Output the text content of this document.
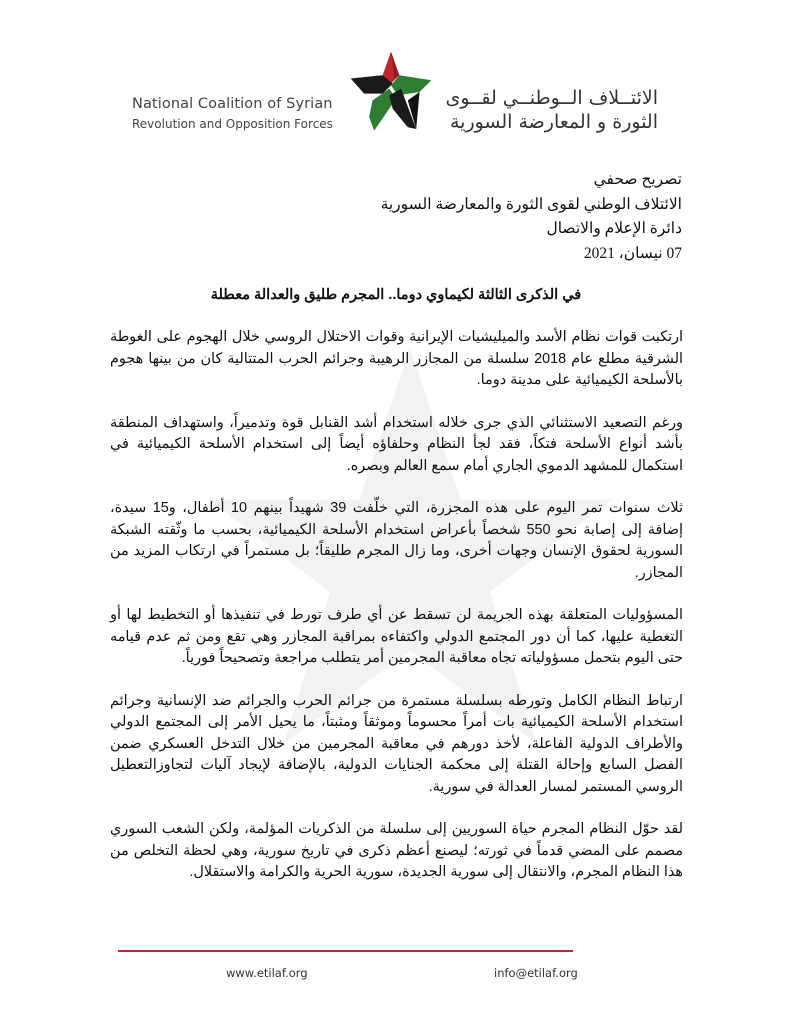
National Coalition of Syrian
Revolution and Opposition Forces
الائتــلاف الــوطنــي لقــوى
الثورة و المعارضة السورية
تصريح صحفي
الائتلاف الوطني لقوى الثورة والمعارضة السورية
دائرة الإعلام والاتصال
07 نيسان، 2021
في الذكرى الثالثة لكيماوي دوما.. المجرم طليق والعدالة معطلة

ارتكبت قوات نظام الأسد والميليشيات الإيرانية وقوات الاحتلال الروسي خلال الهجوم على الغوطة الشرقية مطلع عام 2018 سلسلة من المجازر الرهيبة وجرائم الحرب المتتالية كان من بينها هجوم بالأسلحة الكيميائية على مدينة دوما.

ورغم التصعيد الاستثنائي الذي جرى خلاله استخدام أشد القنابل قوة وتدميراً، واستهداف المنطقة بأشد أنواع الأسلحة فتكاً، فقد لجأ النظام وحلفاؤه أيضاً إلى استخدام الأسلحة الكيميائية في استكمال للمشهد الدموي الجاري أمام سمع العالم وبصره.

ثلاث سنوات تمر اليوم على هذه المجزرة، التي خلّفت 39 شهيداً بينهم 10 أطفال، و15 سيدة، إضافة إلى إصابة نحو 550 شخصاً بأعراض استخدام الأسلحة الكيميائية، بحسب ما وثّقته الشبكة السورية لحقوق الإنسان وجهات أخرى، وما زال المجرم طليقاً؛ بل مستمراً في ارتكاب المزيد من المجازر.

المسؤوليات المتعلقة بهذه الجريمة لن تسقط عن أي طرف تورط في تنفيذها أو التخطيط لها أو التغطية عليها، كما أن دور المجتمع الدولي واكتفاءه بمراقبة المجازر وهي تقع ومن ثم عدم قيامه حتى اليوم بتحمل مسؤولياته تجاه معاقبة المجرمين أمر يتطلب مراجعة وتصحيحاً فورياً.

ارتباط النظام الكامل وتورطه بسلسلة مستمرة من جرائم الحرب والجرائم ضد الإنسانية وجرائم استخدام الأسلحة الكيميائية بات أمراً محسوماً وموثقاً ومثبتاً، ما يحيل الأمر إلى المجتمع الدولي والأطراف الدولية الفاعلة، لأخذ دورهم في معاقبة المجرمين من خلال التدخل العسكري ضمن الفصل السابع وإحالة القتلة إلى محكمة الجنايات الدولية، بالإضافة لإيجاد آليات لتجاوزالتعطيل الروسي المستمر لمسار العدالة في سورية.

لقد حوّل النظام المجرم حياة السوريين إلى سلسلة من الذكريات المؤلمة، ولكن الشعب السوري مصمم على المضي قدماً في ثورته؛ ليصنع أعظم ذكرى في تاريخ سورية، وهي لحظة التخلص من هذا النظام المجرم، والانتقال إلى سورية الجديدة، سورية الحرية والكرامة والاستقلال.

www.etilaf.org	info@etilaf.org
